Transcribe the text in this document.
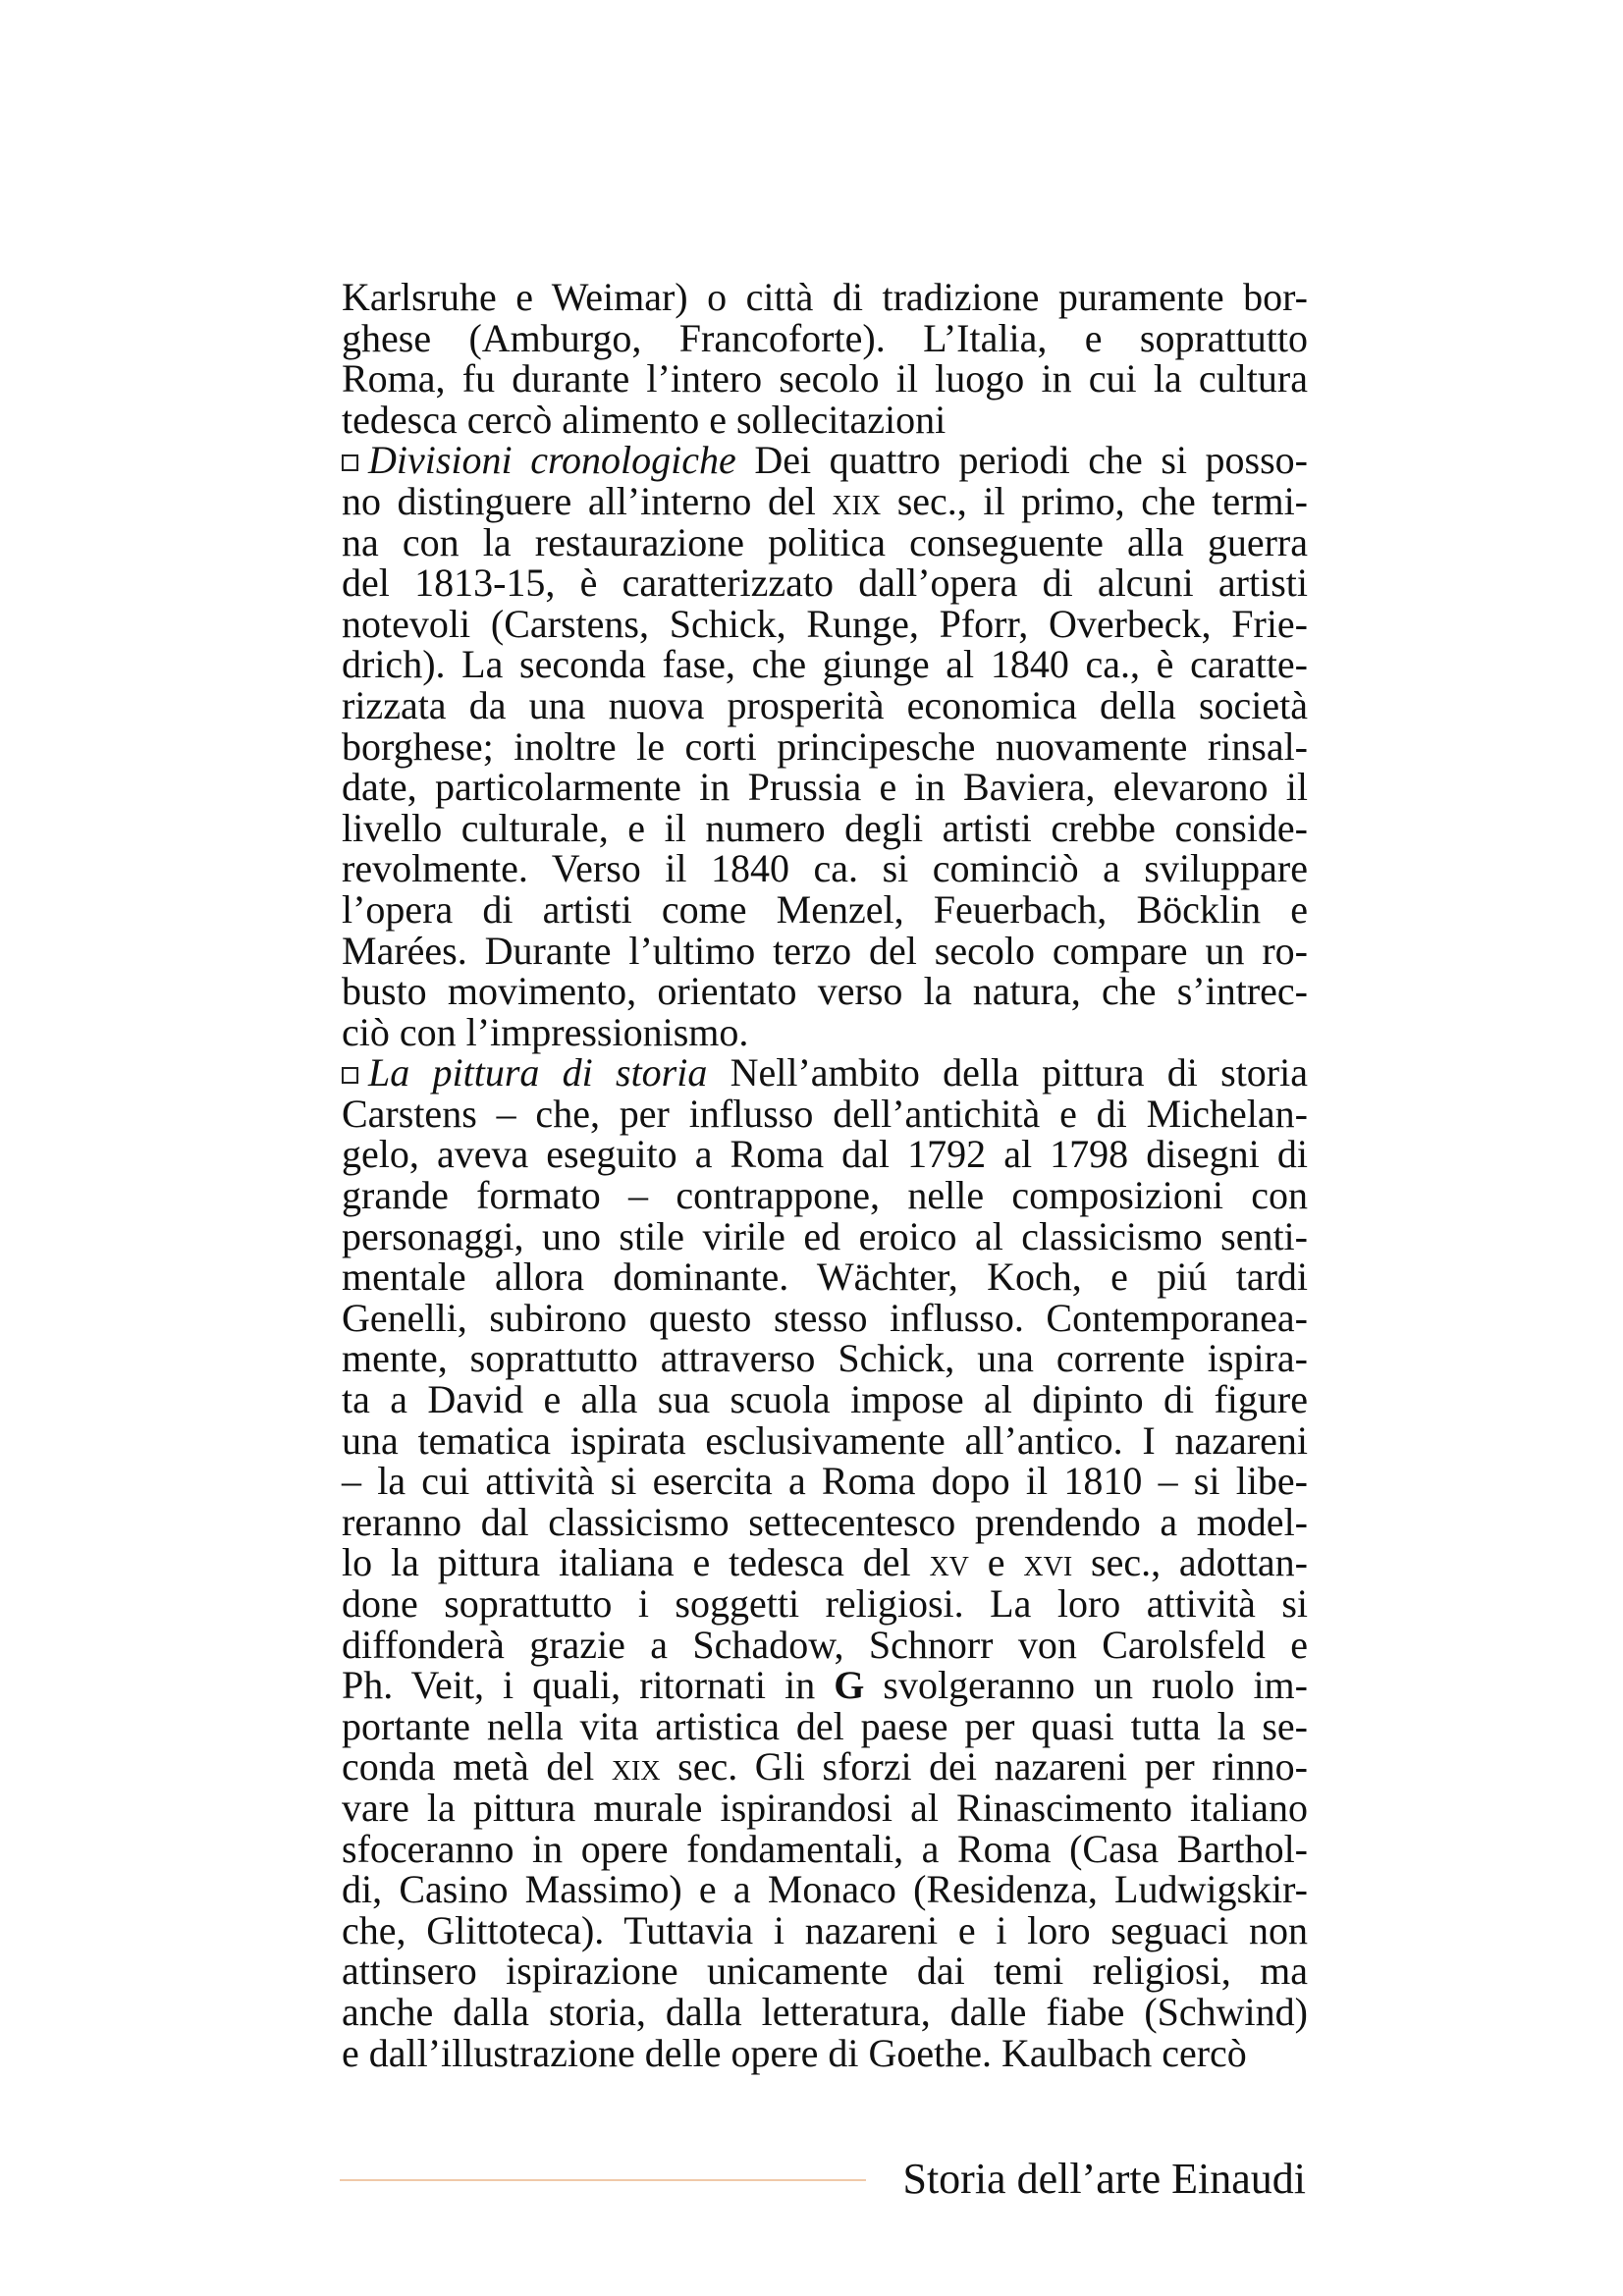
Karlsruhe e Weimar) o città di tradizione puramente bor-
ghese (Amburgo, Francoforte). L’Italia, e soprattutto
Roma, fu durante l’intero secolo il luogo in cui la cultura
tedesca cercò alimento e sollecitazioni
Divisioni cronologiche Dei quattro periodi che si posso-
no distinguere all’interno del xix sec., il primo, che termi-
na con la restaurazione politica conseguente alla guerra
del 1813-15, è caratterizzato dall’opera di alcuni artisti
notevoli (Carstens, Schick, Runge, Pforr, Overbeck, Frie-
drich). La seconda fase, che giunge al 1840 ca., è caratte-
rizzata da una nuova prosperità economica della società
borghese; inoltre le corti principesche nuovamente rinsal-
date, particolarmente in Prussia e in Baviera, elevarono il
livello culturale, e il numero degli artisti crebbe conside-
revolmente. Verso il 1840 ca. si cominciò a sviluppare
l’opera di artisti come Menzel, Feuerbach, Böcklin e
Marées. Durante l’ultimo terzo del secolo compare un ro-
busto movimento, orientato verso la natura, che s’intrec-
ciò con l’impressionismo.
La pittura di storia Nell’ambito della pittura di storia
Carstens – che, per influsso dell’antichità e di Michelan-
gelo, aveva eseguito a Roma dal 1792 al 1798 disegni di
grande formato – contrappone, nelle composizioni con
personaggi, uno stile virile ed eroico al classicismo senti-
mentale allora dominante. Wächter, Koch, e piú tardi
Genelli, subirono questo stesso influsso. Contemporanea-
mente, soprattutto attraverso Schick, una corrente ispira-
ta a David e alla sua scuola impose al dipinto di figure
una tematica ispirata esclusivamente all’antico. I nazareni
– la cui attività si esercita a Roma dopo il 1810 – si libe-
reranno dal classicismo settecentesco prendendo a model-
lo la pittura italiana e tedesca del xv e xvi sec., adottan-
done soprattutto i soggetti religiosi. La loro attività si
diffonderà grazie a Schadow, Schnorr von Carolsfeld e
Ph. Veit, i quali, ritornati in G svolgeranno un ruolo im-
portante nella vita artistica del paese per quasi tutta la se-
conda metà del xix sec. Gli sforzi dei nazareni per rinno-
vare la pittura murale ispirandosi al Rinascimento italiano
sfoceranno in opere fondamentali, a Roma (Casa Barthol-
di, Casino Massimo) e a Monaco (Residenza, Ludwigskir-
che, Glittoteca). Tuttavia i nazareni e i loro seguaci non
attinsero ispirazione unicamente dai temi religiosi, ma
anche dalla storia, dalla letteratura, dalle fiabe (Schwind)
e dall’illustrazione delle opere di Goethe. Kaulbach cercò
Storia dell’arte Einaudi
